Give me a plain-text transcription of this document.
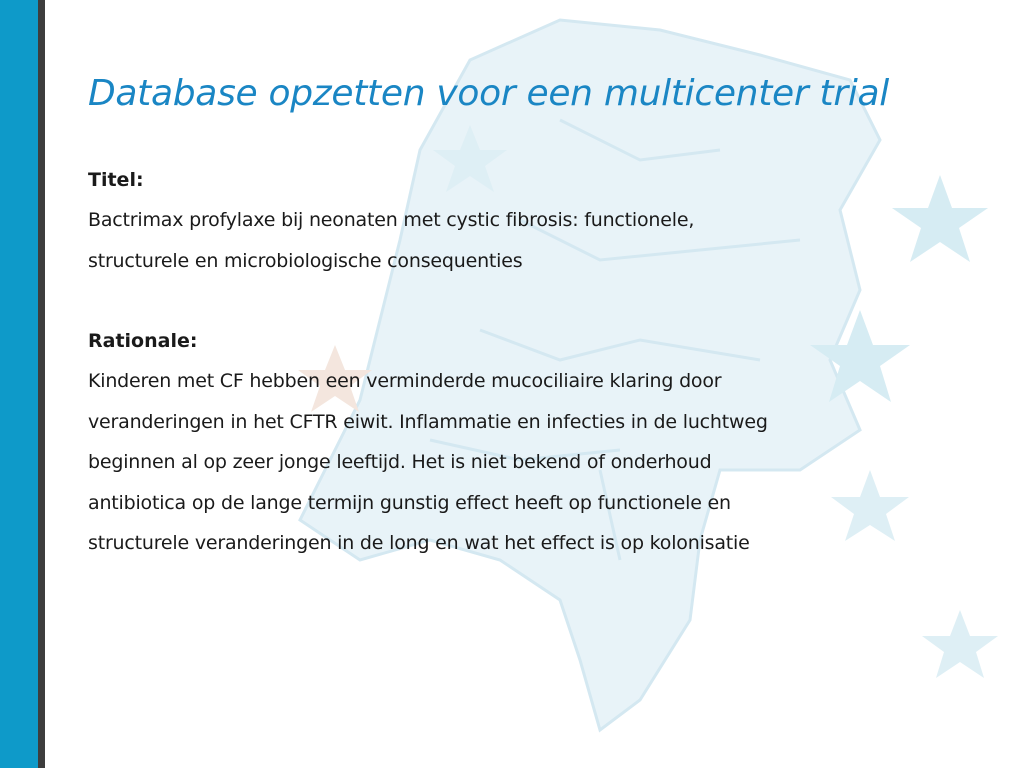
Database opzetten voor een multicenter trial
Titel:
Bactrimax profylaxe bij neonaten met cystic fibrosis: functionele,
structurele en microbiologische consequenties
Rationale:
Kinderen met CF hebben een verminderde mucociliaire klaring door
veranderingen in het CFTR eiwit. Inflammatie en infecties in de luchtweg
beginnen al op zeer jonge leeftijd. Het is niet bekend of onderhoud
antibiotica op de lange termijn gunstig effect heeft op functionele en
structurele veranderingen in de long en wat het effect is op kolonisatie
